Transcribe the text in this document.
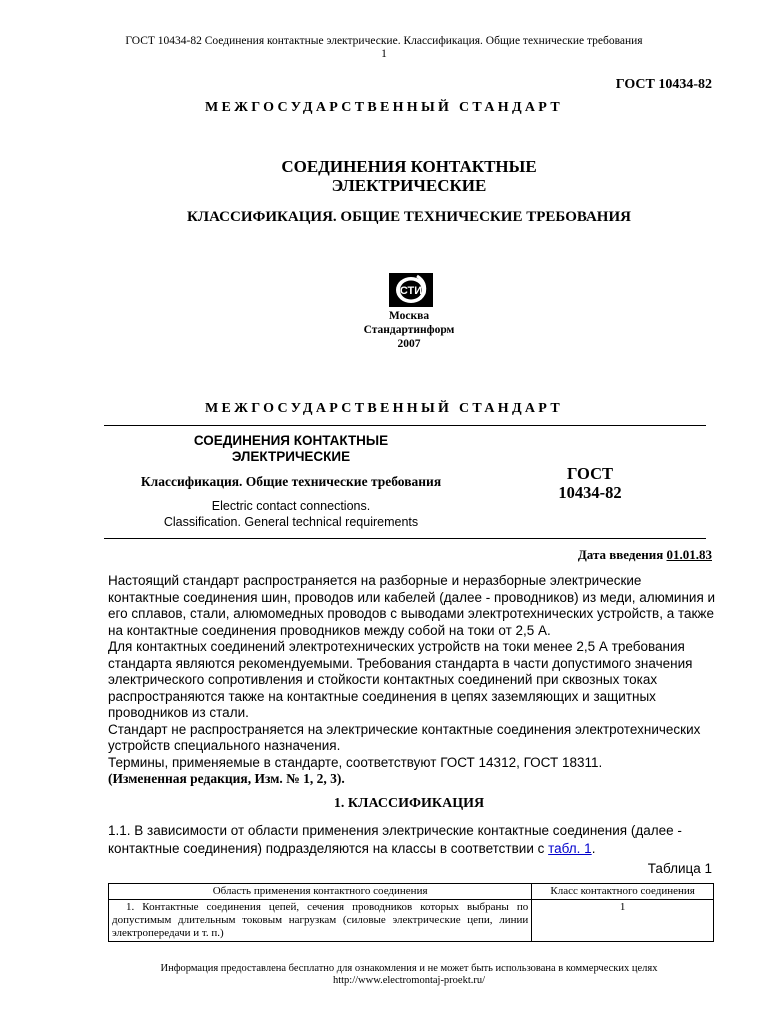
ГОСТ 10434-82 Соединения контактные электрические. Классификация. Общие технические требования
1
ГОСТ 10434-82
МЕЖГОСУДАРСТВЕННЫЙ СТАНДАРТ
СОЕДИНЕНИЯ КОНТАКТНЫЕ
ЭЛЕКТРИЧЕСКИЕ
КЛАССИФИКАЦИЯ. ОБЩИЕ ТЕХНИЧЕСКИЕ ТРЕБОВАНИЯ
СТИ
Москва
Стандартинформ
2007
МЕЖГОСУДАРСТВЕННЫЙ СТАНДАРТ
СОЕДИНЕНИЯ КОНТАКТНЫЕ
ЭЛЕКТРИЧЕСКИЕ
Классификация. Общие технические требования
Electric contact connections.
Classification. General technical requirements
ГОСТ
10434-82
Дата введения 01.01.83

Настоящий стандарт распространяется на разборные и неразборные электрические контактные соединения шин, проводов или кабелей (далее - проводников) из меди, алюминия и его сплавов, стали, алюмомедных проводов с выводами электротехнических устройств, а также на контактные соединения проводников между собой на токи от 2,5 А.

Для контактных соединений электротехнических устройств на токи менее 2,5 А требования стандарта являются рекомендуемыми. Требования стандарта в части допустимого значения электрического сопротивления и стойкости контактных соединений при сквозных токах распространяются также на контактные соединения в цепях заземляющих и защитных проводников из стали.

Стандарт не распространяется на электрические контактные соединения электротехнических устройств специального назначения.

Термины, применяемые в стандарте, соответствуют ГОСТ 14312, ГОСТ 18311.

(Измененная редакция, Изм. № 1, 2, 3).

1. КЛАССИФИКАЦИЯ
1.1. В зависимости от области применения электрические контактные соединения (далее - контактные соединения) подразделяются на классы в соответствии с табл. 1.
Таблица 1
Область применения контактного соединения	Класс контактного соединения
1. Контактные соединения цепей, сечения проводников которых выбраны по допустимым длительным токовым нагрузкам (силовые электрические цепи, линии электропередачи и т. п.)	1
Информация предоставлена бесплатно для ознакомления и не может быть использована в коммерческих целях
http://www.electromontaj-proekt.ru/
